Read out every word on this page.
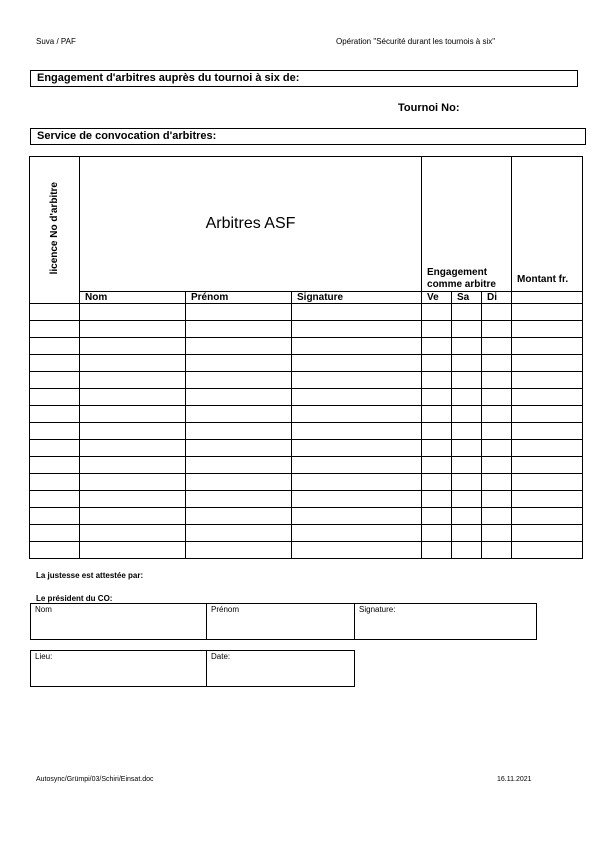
Suva / PAF	Opération "Sécurité durant les tournois à six"
Engagement d'arbitres auprès du tournoi à six de:
Tournoi No:
Service de convocation d'arbitres:
licence No d'arbitre	Arbitres ASF			Engagement
comme arbitre			Montant fr.
	Nom	Prénom	Signature	Ve	Sa	Di	

La justesse est attestée par:
Le président du CO:
Nom	Prénom	Signature:
Lieu:	Date:
Autosync/Grümpi/03/Schiri/Einsat.doc	16.11.2021
